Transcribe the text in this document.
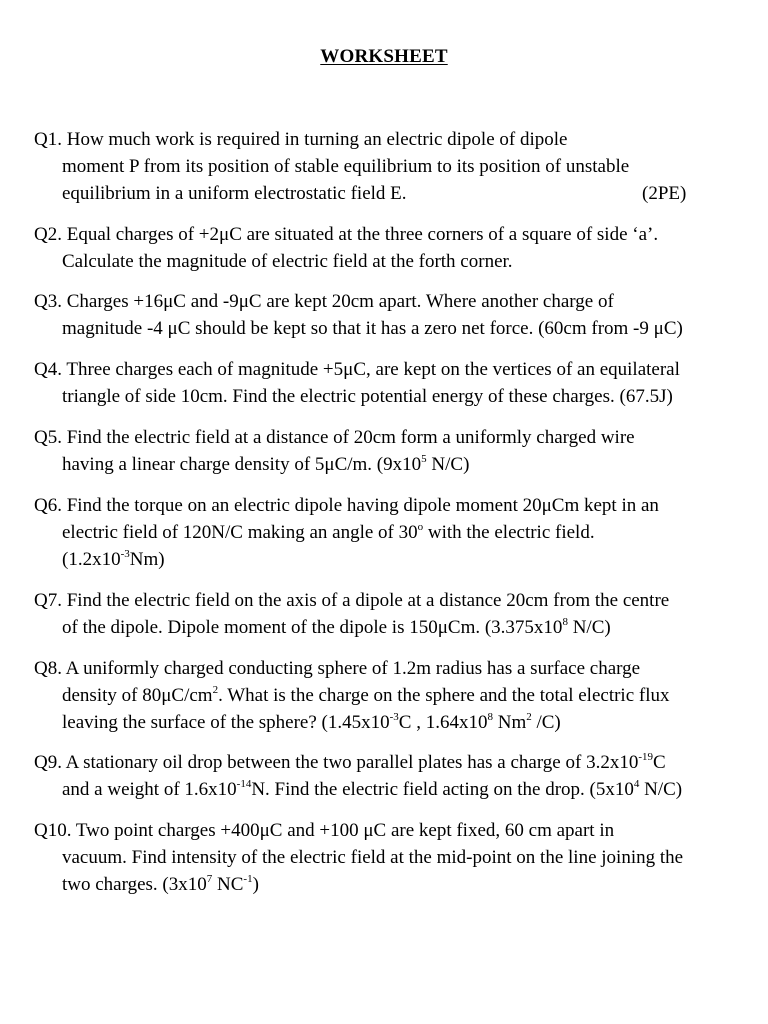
WORKSHEET
Q1. How much work is required in turning an electric dipole of dipole
moment P from its position of stable equilibrium to its position of unstable
equilibrium in a uniform electrostatic field E.	(2PE)
Q2. Equal charges of +2μC are situated at the three corners of a square of side ‘a’.
Calculate the magnitude of electric field at the forth corner.
Q3. Charges +16μC and -9μC are kept 20cm apart. Where another charge of
magnitude -4 μC should be kept so that it has a zero net force. (60cm from -9 μC)
Q4. Three charges each of magnitude +5μC, are kept on the vertices of an equilateral
triangle of side 10cm. Find the electric potential energy of these charges. (67.5J)
Q5. Find the electric field at a distance of 20cm form a uniformly charged wire
having a linear charge density of 5μC/m. ($9x10^5$ N/C)
Q6. Find the torque on an electric dipole having dipole moment 20μCm kept in an
electric field of 120N/C making an angle of 30$^o$ with the electric field.
$(1.2x10^{-3}Nm)$
Q7. Find the electric field on the axis of a dipole at a distance 20cm from the centre
of the dipole. Dipole moment of the dipole is 150μCm. ($3.375x10^8$ N/C)
Q8. A uniformly charged conducting sphere of 1.2m radius has a surface charge
density of $80\mu C/cm^2$. What is the charge on the sphere and the total electric flux
leaving the surface of the sphere? ($1.45x10^{-3}C$ , $1.64x10^8$ Nm$^2$ /C)
Q9. A stationary oil drop between the two parallel plates has a charge of $3.2x10^{-19}C$
and a weight of $1.6x10^{-14}N$. Find the electric field acting on the drop. ($5x10^4$ N/C)
Q10. Two point charges +400μC and +100 μC are kept fixed, 60 cm apart in
vacuum. Find intensity of the electric field at the mid-point on the line joining the
two charges. ($3x10^7$ $NC^{-1}$)
